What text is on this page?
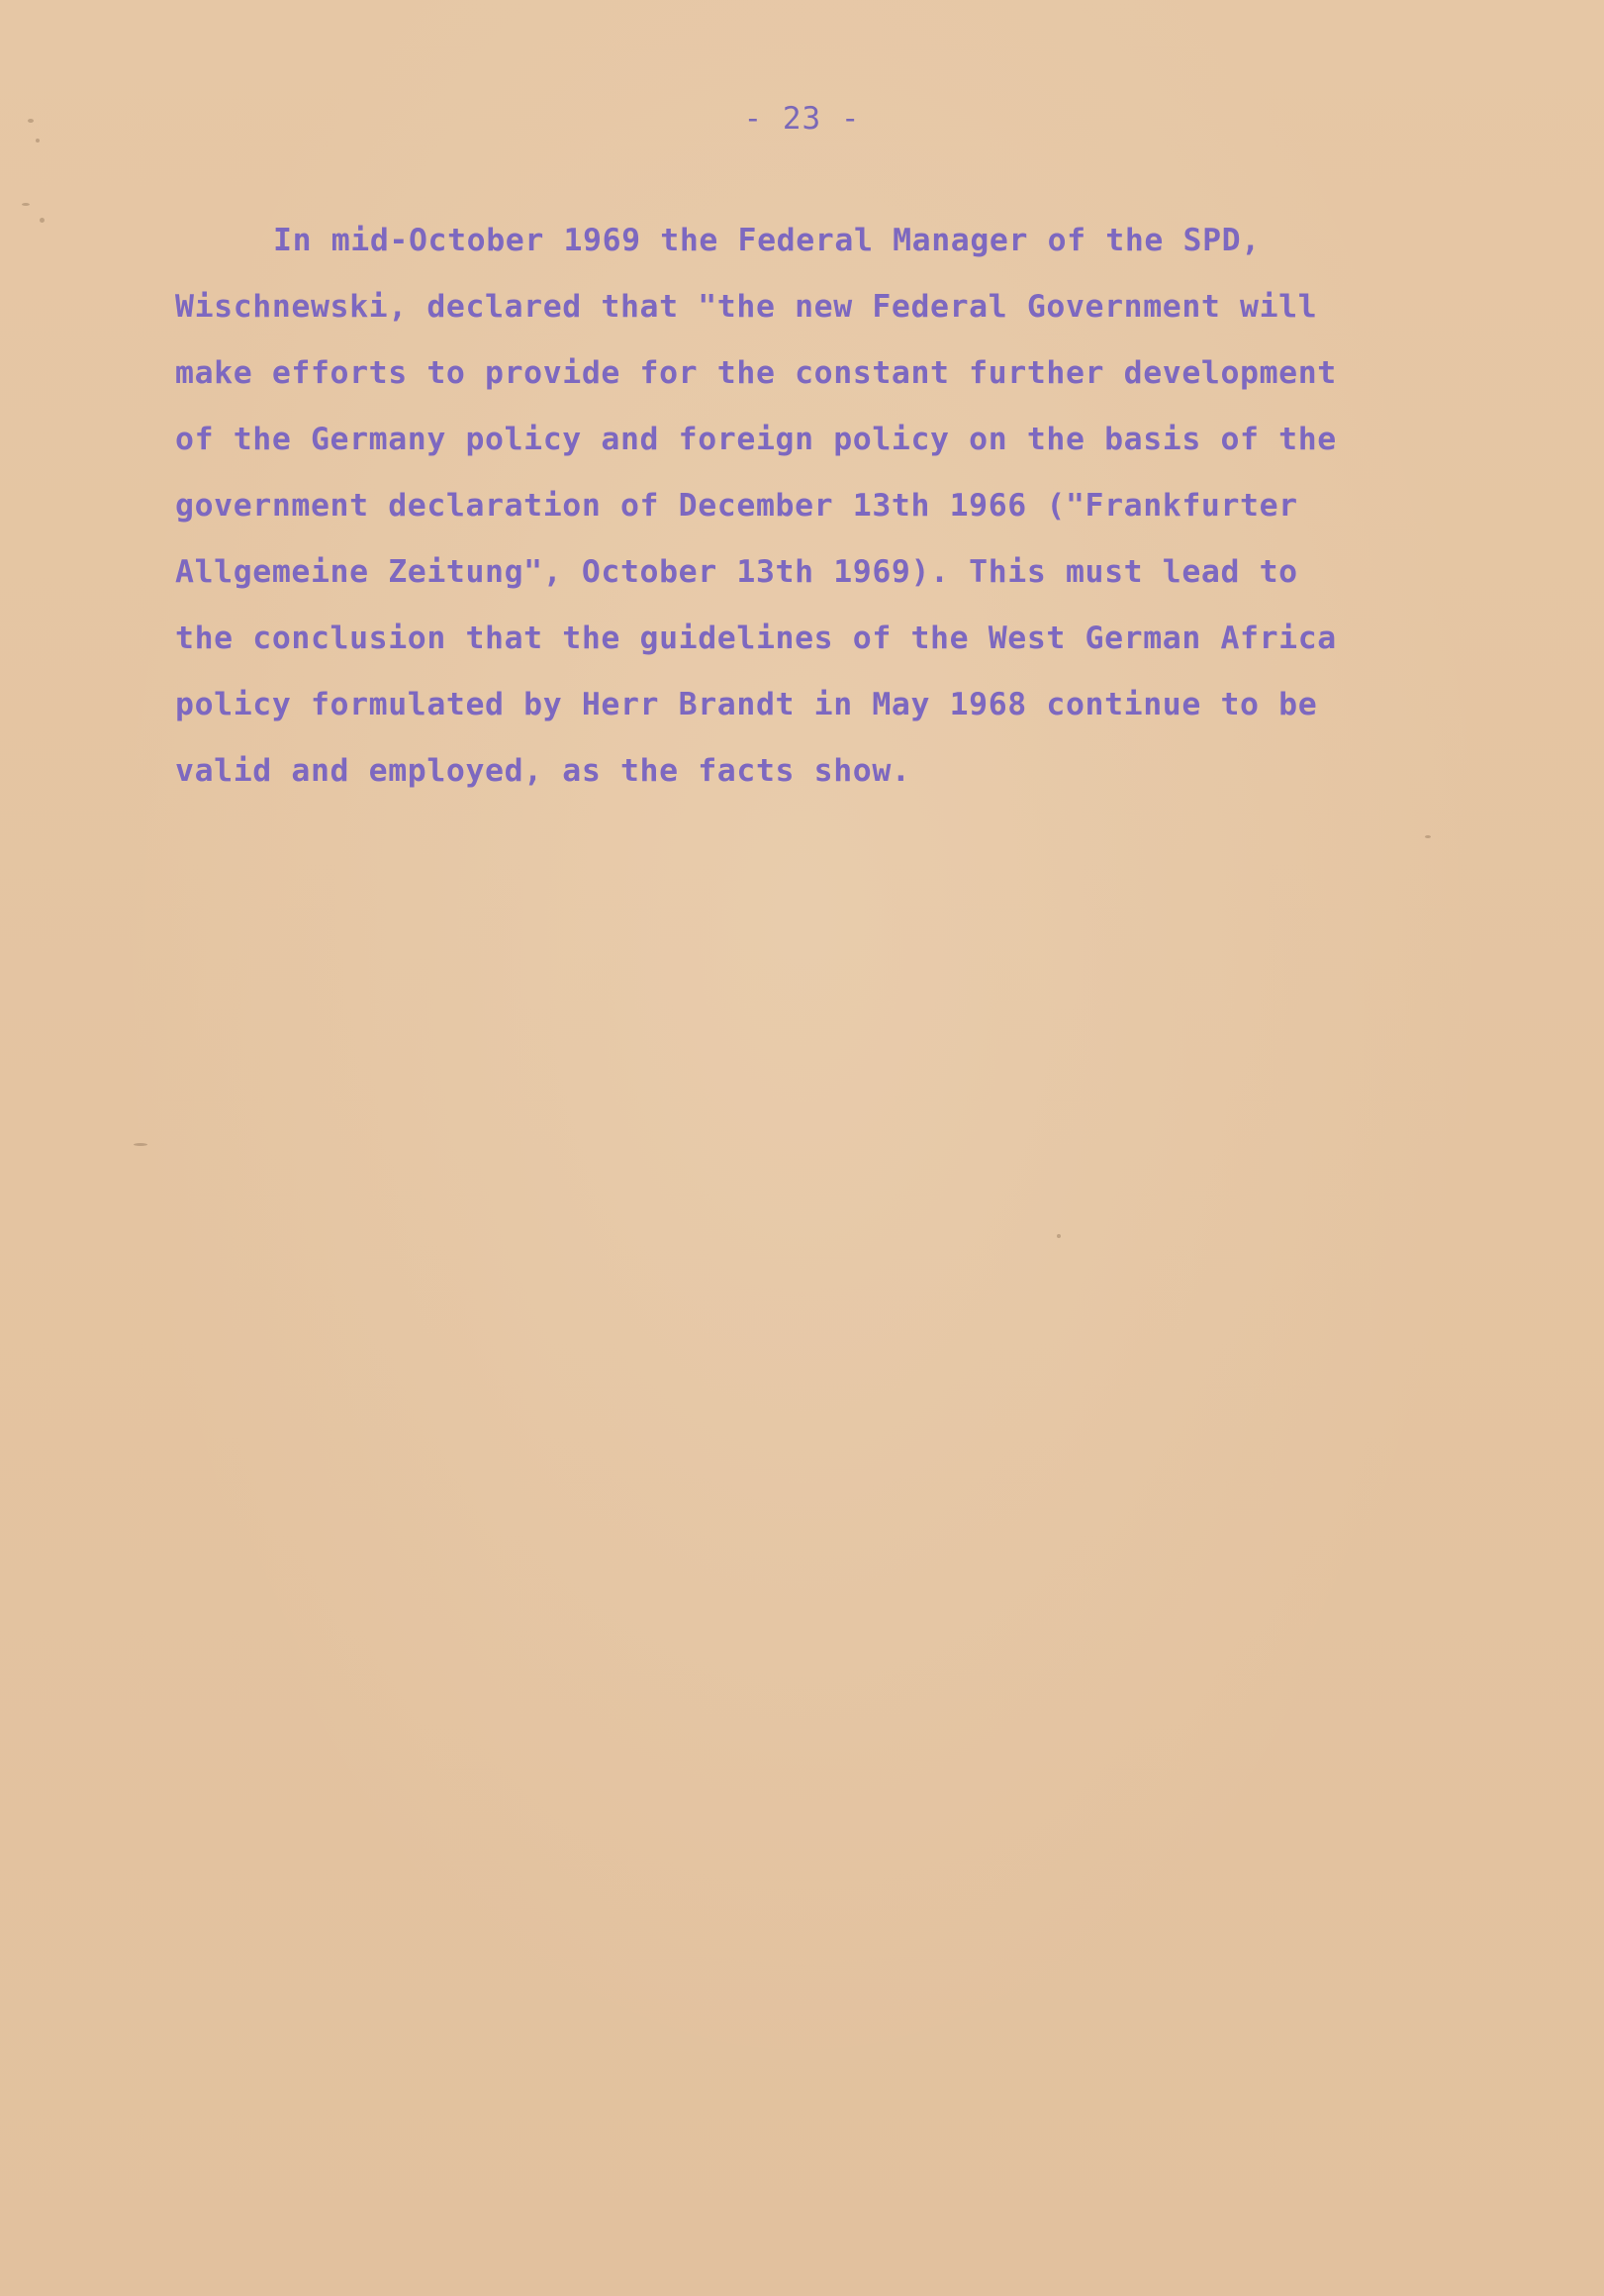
- 23 -

In mid-October 1969 the Federal Manager of the SPD,
Wischnewski, declared that "the new Federal Government will
make efforts to provide for the constant further development
of the Germany policy and foreign policy on the basis of the
government declaration of December 13th 1966 ("Frankfurter
Allgemeine Zeitung", October 13th 1969). This must lead to
the conclusion that the guidelines of the West German Africa
policy formulated by Herr Brandt in May 1968 continue to be
valid and employed, as the facts show.
